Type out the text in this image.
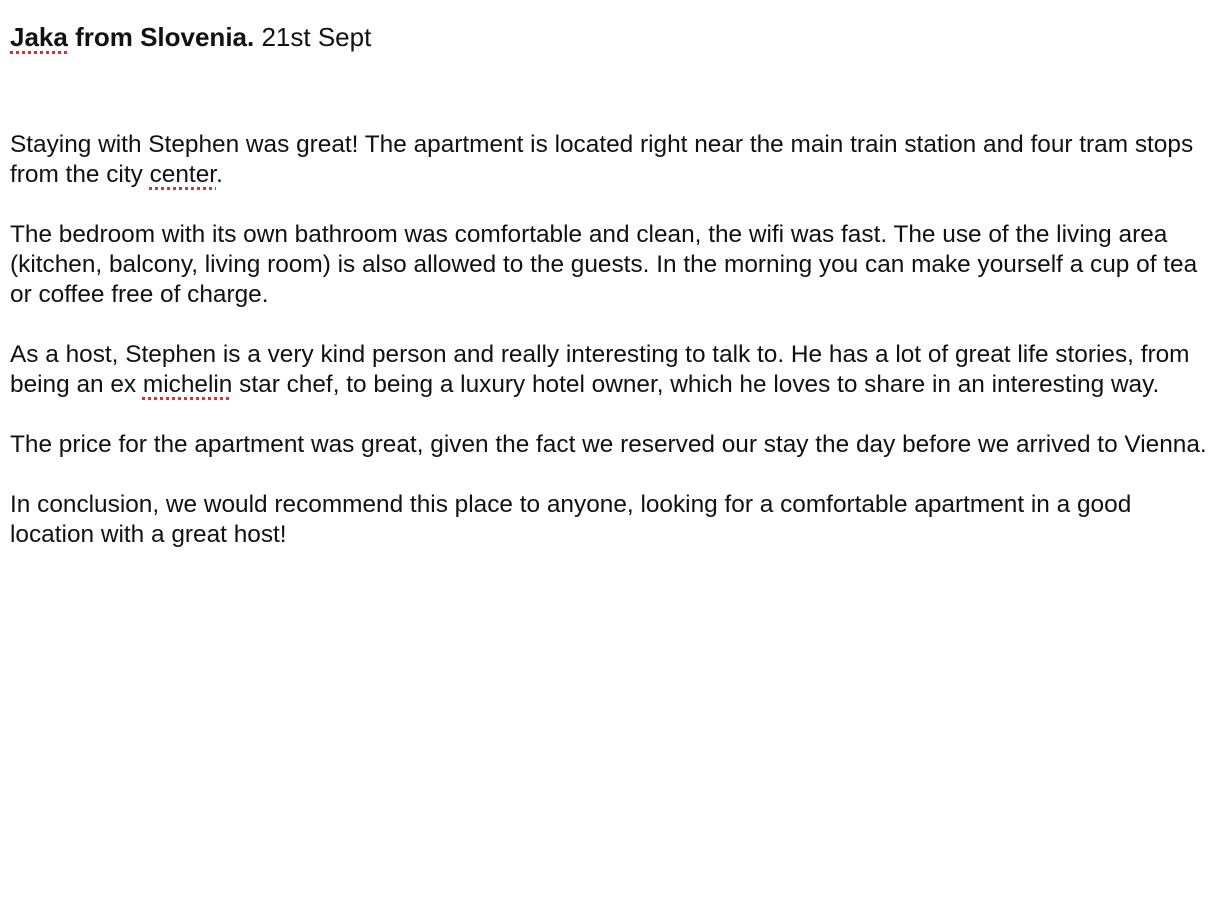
Jaka from Slovenia. 21st Sept

Staying with Stephen was great! The apartment is located right near the main train station and four tram stops from the city center.

The bedroom with its own bathroom was comfortable and clean, the wifi was fast. The use of the living area (kitchen, balcony, living room) is also allowed to the guests. In the morning you can make yourself a cup of tea or coffee free of charge.

As a host, Stephen is a very kind person and really interesting to talk to. He has a lot of great life stories, from being an ex michelin star chef, to being a luxury hotel owner, which he loves to share in an interesting way.

The price for the apartment was great, given the fact we reserved our stay the day before we arrived to Vienna.

In conclusion, we would recommend this place to anyone, looking for a comfortable apartment in a good location with a great host!
